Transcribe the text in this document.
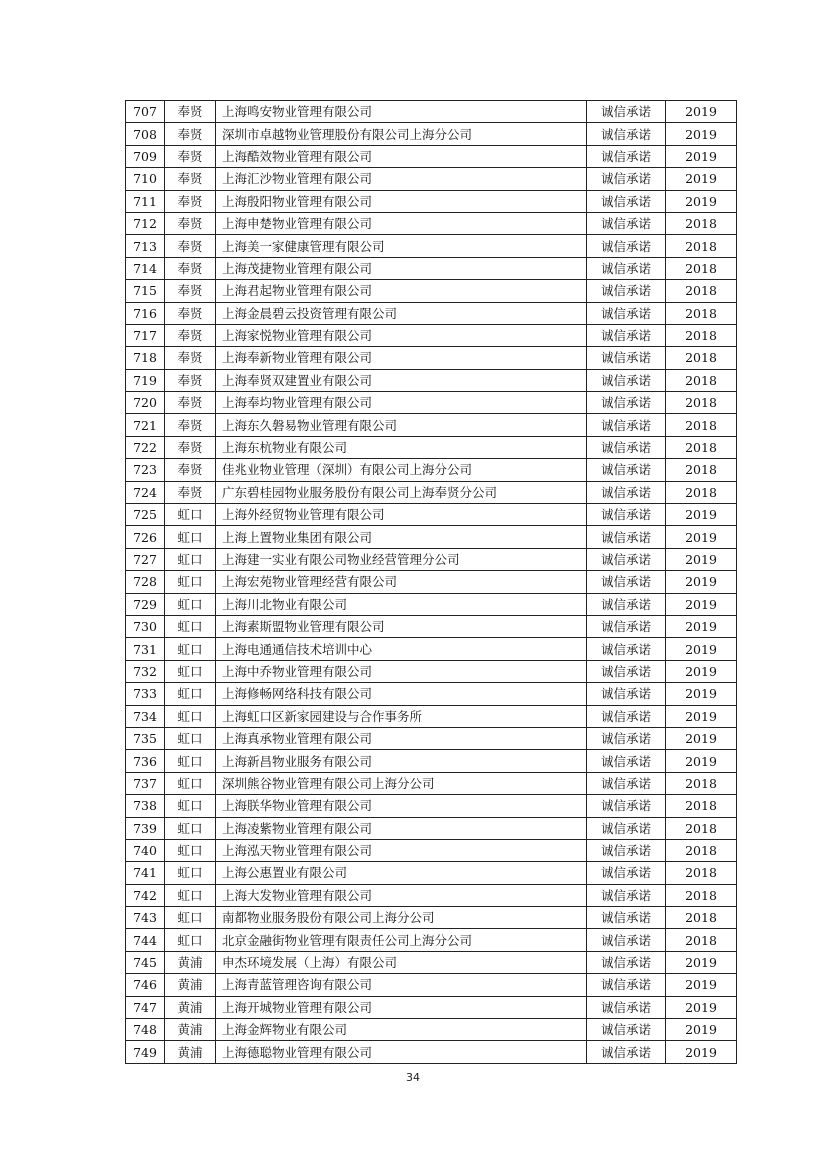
707	奉贤	上海鸣安物业管理有限公司	诚信承诺	2019
708	奉贤	深圳市卓越物业管理股份有限公司上海分公司	诚信承诺	2019
709	奉贤	上海酷效物业管理有限公司	诚信承诺	2019
710	奉贤	上海汇沙物业管理有限公司	诚信承诺	2019
711	奉贤	上海殷阳物业管理有限公司	诚信承诺	2019
712	奉贤	上海申楚物业管理有限公司	诚信承诺	2018
713	奉贤	上海美一家健康管理有限公司	诚信承诺	2018
714	奉贤	上海茂捷物业管理有限公司	诚信承诺	2018
715	奉贤	上海君起物业管理有限公司	诚信承诺	2018
716	奉贤	上海金晨碧云投资管理有限公司	诚信承诺	2018
717	奉贤	上海家悦物业管理有限公司	诚信承诺	2018
718	奉贤	上海奉新物业管理有限公司	诚信承诺	2018
719	奉贤	上海奉贤双建置业有限公司	诚信承诺	2018
720	奉贤	上海奉均物业管理有限公司	诚信承诺	2018
721	奉贤	上海东久磐易物业管理有限公司	诚信承诺	2018
722	奉贤	上海东杭物业有限公司	诚信承诺	2018
723	奉贤	佳兆业物业管理（深圳）有限公司上海分公司	诚信承诺	2018
724	奉贤	广东碧桂园物业服务股份有限公司上海奉贤分公司	诚信承诺	2018
725	虹口	上海外经贸物业管理有限公司	诚信承诺	2019
726	虹口	上海上置物业集团有限公司	诚信承诺	2019
727	虹口	上海建一实业有限公司物业经营管理分公司	诚信承诺	2019
728	虹口	上海宏苑物业管理经营有限公司	诚信承诺	2019
729	虹口	上海川北物业有限公司	诚信承诺	2019
730	虹口	上海素斯盟物业管理有限公司	诚信承诺	2019
731	虹口	上海电通通信技术培训中心	诚信承诺	2019
732	虹口	上海中乔物业管理有限公司	诚信承诺	2019
733	虹口	上海修畅网络科技有限公司	诚信承诺	2019
734	虹口	上海虹口区新家园建设与合作事务所	诚信承诺	2019
735	虹口	上海真承物业管理有限公司	诚信承诺	2019
736	虹口	上海新昌物业服务有限公司	诚信承诺	2019
737	虹口	深圳熊谷物业管理有限公司上海分公司	诚信承诺	2018
738	虹口	上海朕华物业管理有限公司	诚信承诺	2018
739	虹口	上海凌紫物业管理有限公司	诚信承诺	2018
740	虹口	上海泓天物业管理有限公司	诚信承诺	2018
741	虹口	上海公惠置业有限公司	诚信承诺	2018
742	虹口	上海大发物业管理有限公司	诚信承诺	2018
743	虹口	南都物业服务股份有限公司上海分公司	诚信承诺	2018
744	虹口	北京金融街物业管理有限责任公司上海分公司	诚信承诺	2018
745	黄浦	申杰环境发展（上海）有限公司	诚信承诺	2019
746	黄浦	上海青蓝管理咨询有限公司	诚信承诺	2019
747	黄浦	上海开城物业管理有限公司	诚信承诺	2019
748	黄浦	上海金辉物业有限公司	诚信承诺	2019
749	黄浦	上海德聪物业管理有限公司	诚信承诺	2019
34
